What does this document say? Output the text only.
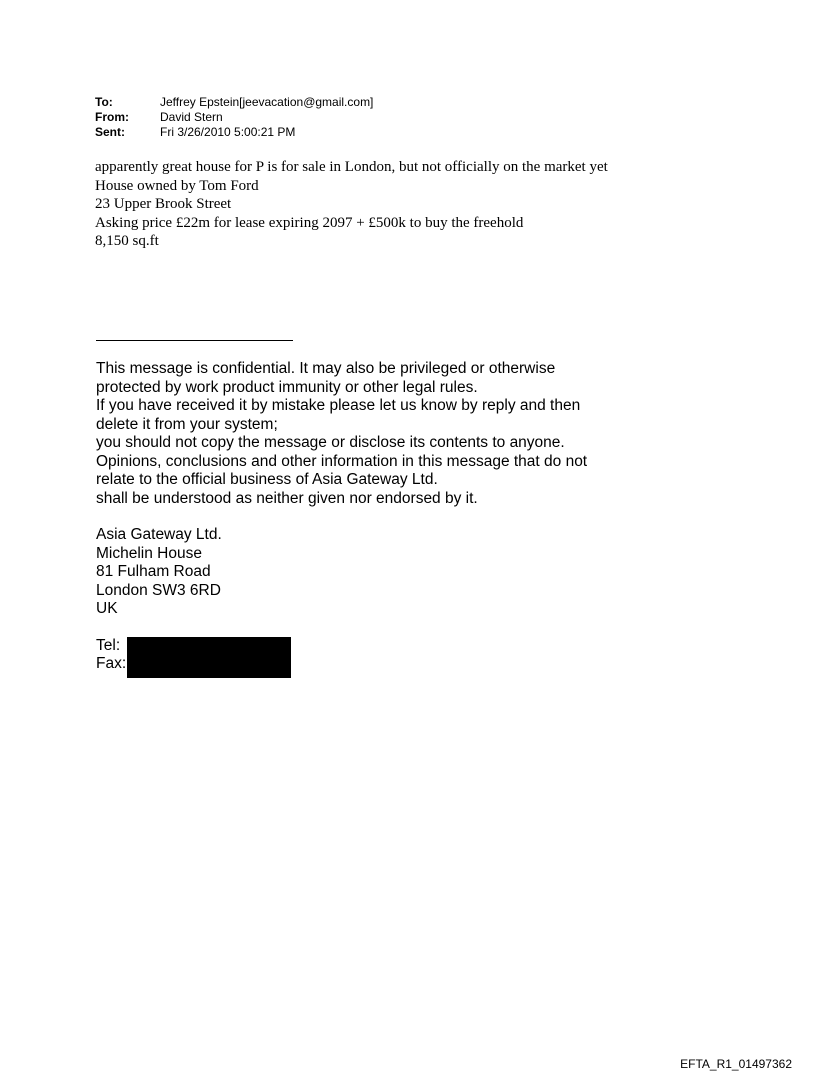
To:	Jeffrey Epstein[jeevacation@gmail.com]
From:	David Stern
Sent:	Fri 3/26/2010 5:00:21 PM
apparently great house for P is for sale in London, but not officially on the market yet
House owned by Tom Ford
23 Upper Brook Street
Asking price £22m for lease expiring 2097 + £500k to buy the freehold
8,150 sq.ft
This message is confidential. It may also be privileged or otherwise
protected by work product immunity or other legal rules.
If you have received it by mistake please let us know by reply and then
delete it from your system;
you should not copy the message or disclose its contents to anyone.
Opinions, conclusions and other information in this message that do not
relate to the official business of Asia Gateway Ltd.
shall be understood as neither given nor endorsed by it.
Asia Gateway Ltd.
Michelin House
81 Fulham Road
London SW3 6RD
UK
Tel:
Fax:
EFTA_R1_01497362
